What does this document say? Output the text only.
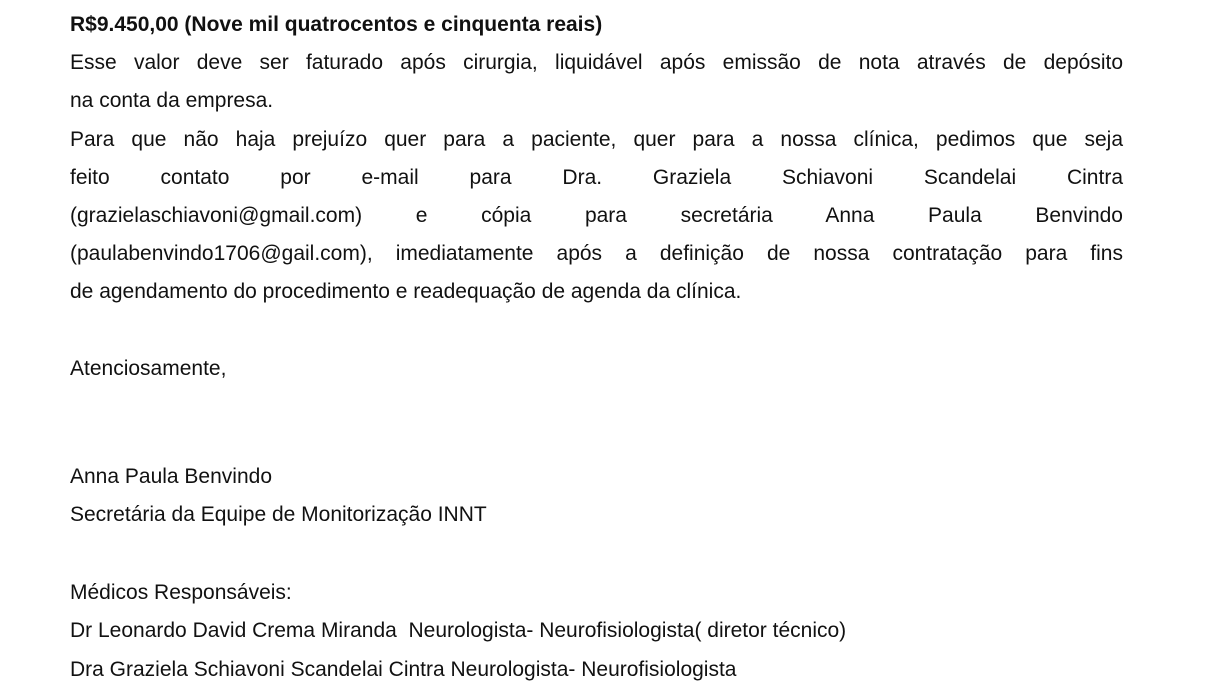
R$9.450,00 (Nove mil quatrocentos e cinquenta reais)
Esse valor deve ser faturado após cirurgia, liquidável após emissão de nota através de depósito
na conta da empresa.
Para que não haja prejuízo quer para a paciente, quer para a nossa clínica, pedimos que seja
feito contato por e-mail para Dra. Graziela Schiavoni Scandelai Cintra
(grazielaschiavoni@gmail.com) e cópia para secretária Anna Paula Benvindo
(paulabenvindo1706@gail.com), imediatamente após a definição de nossa contratação para fins
de agendamento do procedimento e readequação de agenda da clínica.
Atenciosamente,
Anna Paula Benvindo
Secretária da Equipe de Monitorização INNT
Médicos Responsáveis:
Dr Leonardo David Crema Miranda  Neurologista- Neurofisiologista( diretor técnico)
Dra Graziela Schiavoni Scandelai Cintra Neurologista- Neurofisiologista
